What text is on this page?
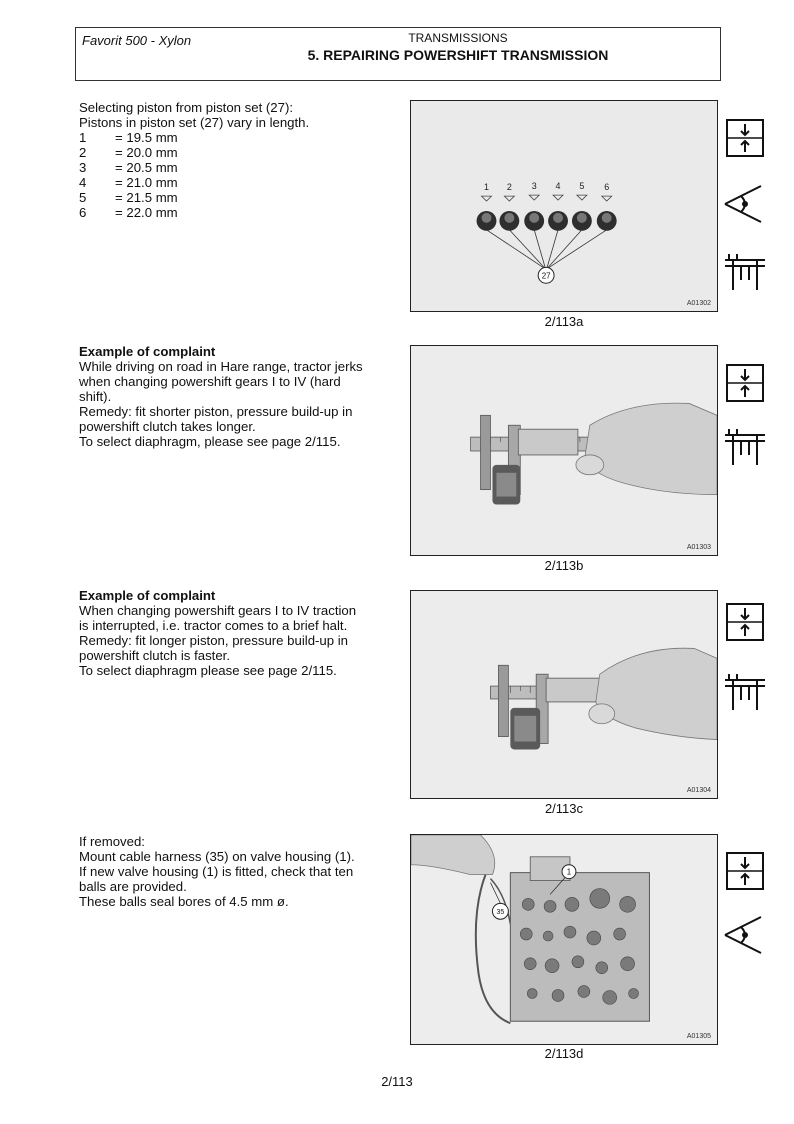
Favorit 500 - Xylon	TRANSMISSIONS
5. REPAIRING POWERSHIFT TRANSMISSION

Selecting piston from piston set (27):

Pistons in piston set (27) vary in length.

1	= 19.5 mm
2	= 20.0 mm
3	= 20.5 mm
4	= 21.0 mm
5	= 21.5 mm
6	= 22.0 mm
1 2 3 4 5 6
27
A01302
2/113a

Example of complaint

While driving on road in Hare range, tractor jerks

when changing powershift gears I to IV (hard

shift).

Remedy: fit shorter piston, pressure build-up in

powershift clutch takes longer.

To select diaphragm, please see page 2/115.

A01303
2/113b

Example of complaint

When changing powershift gears I to IV traction

is interrupted, i.e. tractor comes to a brief halt.

Remedy: fit longer piston, pressure build-up in

powershift clutch is faster.

To select diaphragm please see page 2/115.

A01304
2/113c

If removed:

Mount cable harness (35) on valve housing (1).

If new valve housing (1) is fitted, check that ten

balls are provided.

These balls seal bores of 4.5 mm ø.

1
35
A01305
2/113d
2/113
